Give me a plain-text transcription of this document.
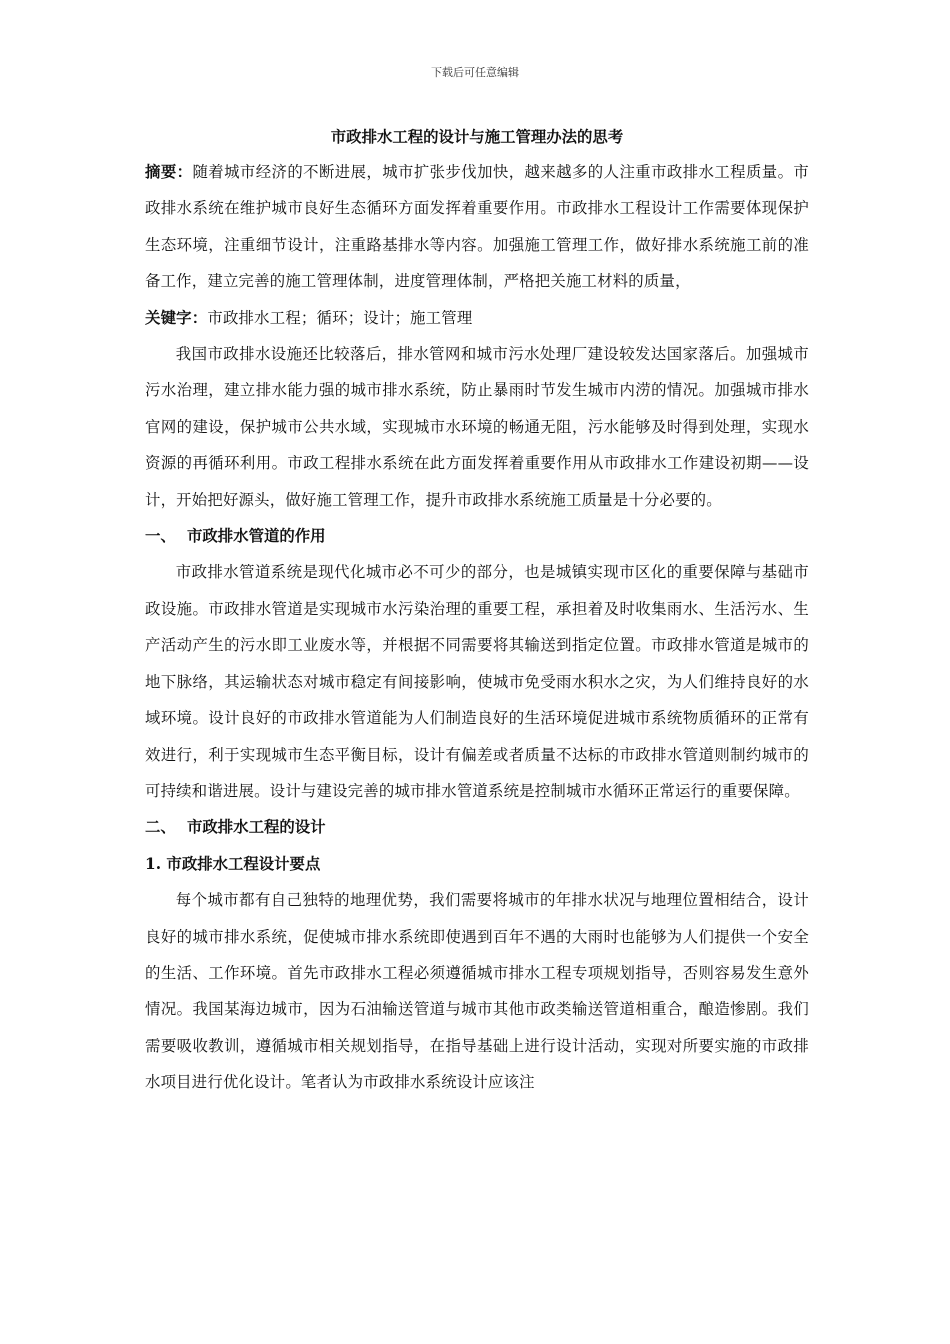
下载后可任意编辑
市政排水工程的设计与施工管理办法的思考

摘要：随着城市经济的不断进展，城市扩张步伐加快，越来越多的人注重市政排水工程质量。市政排水系统在维护城市良好生态循环方面发挥着重要作用。市政排水工程设计工作需要体现保护生态环境，注重细节设计，注重路基排水等内容。加强施工管理工作，做好排水系统施工前的准备工作，建立完善的施工管理体制，进度管理体制，严格把关施工材料的质量，

关键字：市政排水工程；循环；设计；施工管理

我国市政排水设施还比较落后，排水管网和城市污水处理厂建设较发达国家落后。加强城市污水治理，建立排水能力强的城市排水系统，防止暴雨时节发生城市内涝的情况。加强城市排水官网的建设，保护城市公共水域，实现城市水环境的畅通无阻，污水能够及时得到处理，实现水资源的再循环利用。市政工程排水系统在此方面发挥着重要作用从市政排水工作建设初期——设计，开始把好源头，做好施工管理工作，提升市政排水系统施工质量是十分必要的。

一、 市政排水管道的作用

市政排水管道系统是现代化城市必不可少的部分，也是城镇实现市区化的重要保障与基础市政设施。市政排水管道是实现城市水污染治理的重要工程，承担着及时收集雨水、生活污水、生产活动产生的污水即工业废水等，并根据不同需要将其输送到指定位置。市政排水管道是城市的地下脉络，其运输状态对城市稳定有间接影响，使城市免受雨水积水之灾，为人们维持良好的水域环境。设计良好的市政排水管道能为人们制造良好的生活环境促进城市系统物质循环的正常有效进行，利于实现城市生态平衡目标，设计有偏差或者质量不达标的市政排水管道则制约城市的可持续和谐进展。设计与建设完善的城市排水管道系统是控制城市水循环正常运行的重要保障。

二、 市政排水工程的设计
1. 市政排水工程设计要点

每个城市都有自己独特的地理优势，我们需要将城市的年排水状况与地理位置相结合，设计良好的城市排水系统，促使城市排水系统即使遇到百年不遇的大雨时也能够为人们提供一个安全的生活、工作环境。首先市政排水工程必须遵循城市排水工程专项规划指导，否则容易发生意外情况。我国某海边城市，因为石油输送管道与城市其他市政类输送管道相重合，酿造惨剧。我们需要吸收教训，遵循城市相关规划指导，在指导基础上进行设计活动，实现对所要实施的市政排水项目进行优化设计。笔者认为市政排水系统设计应该注
